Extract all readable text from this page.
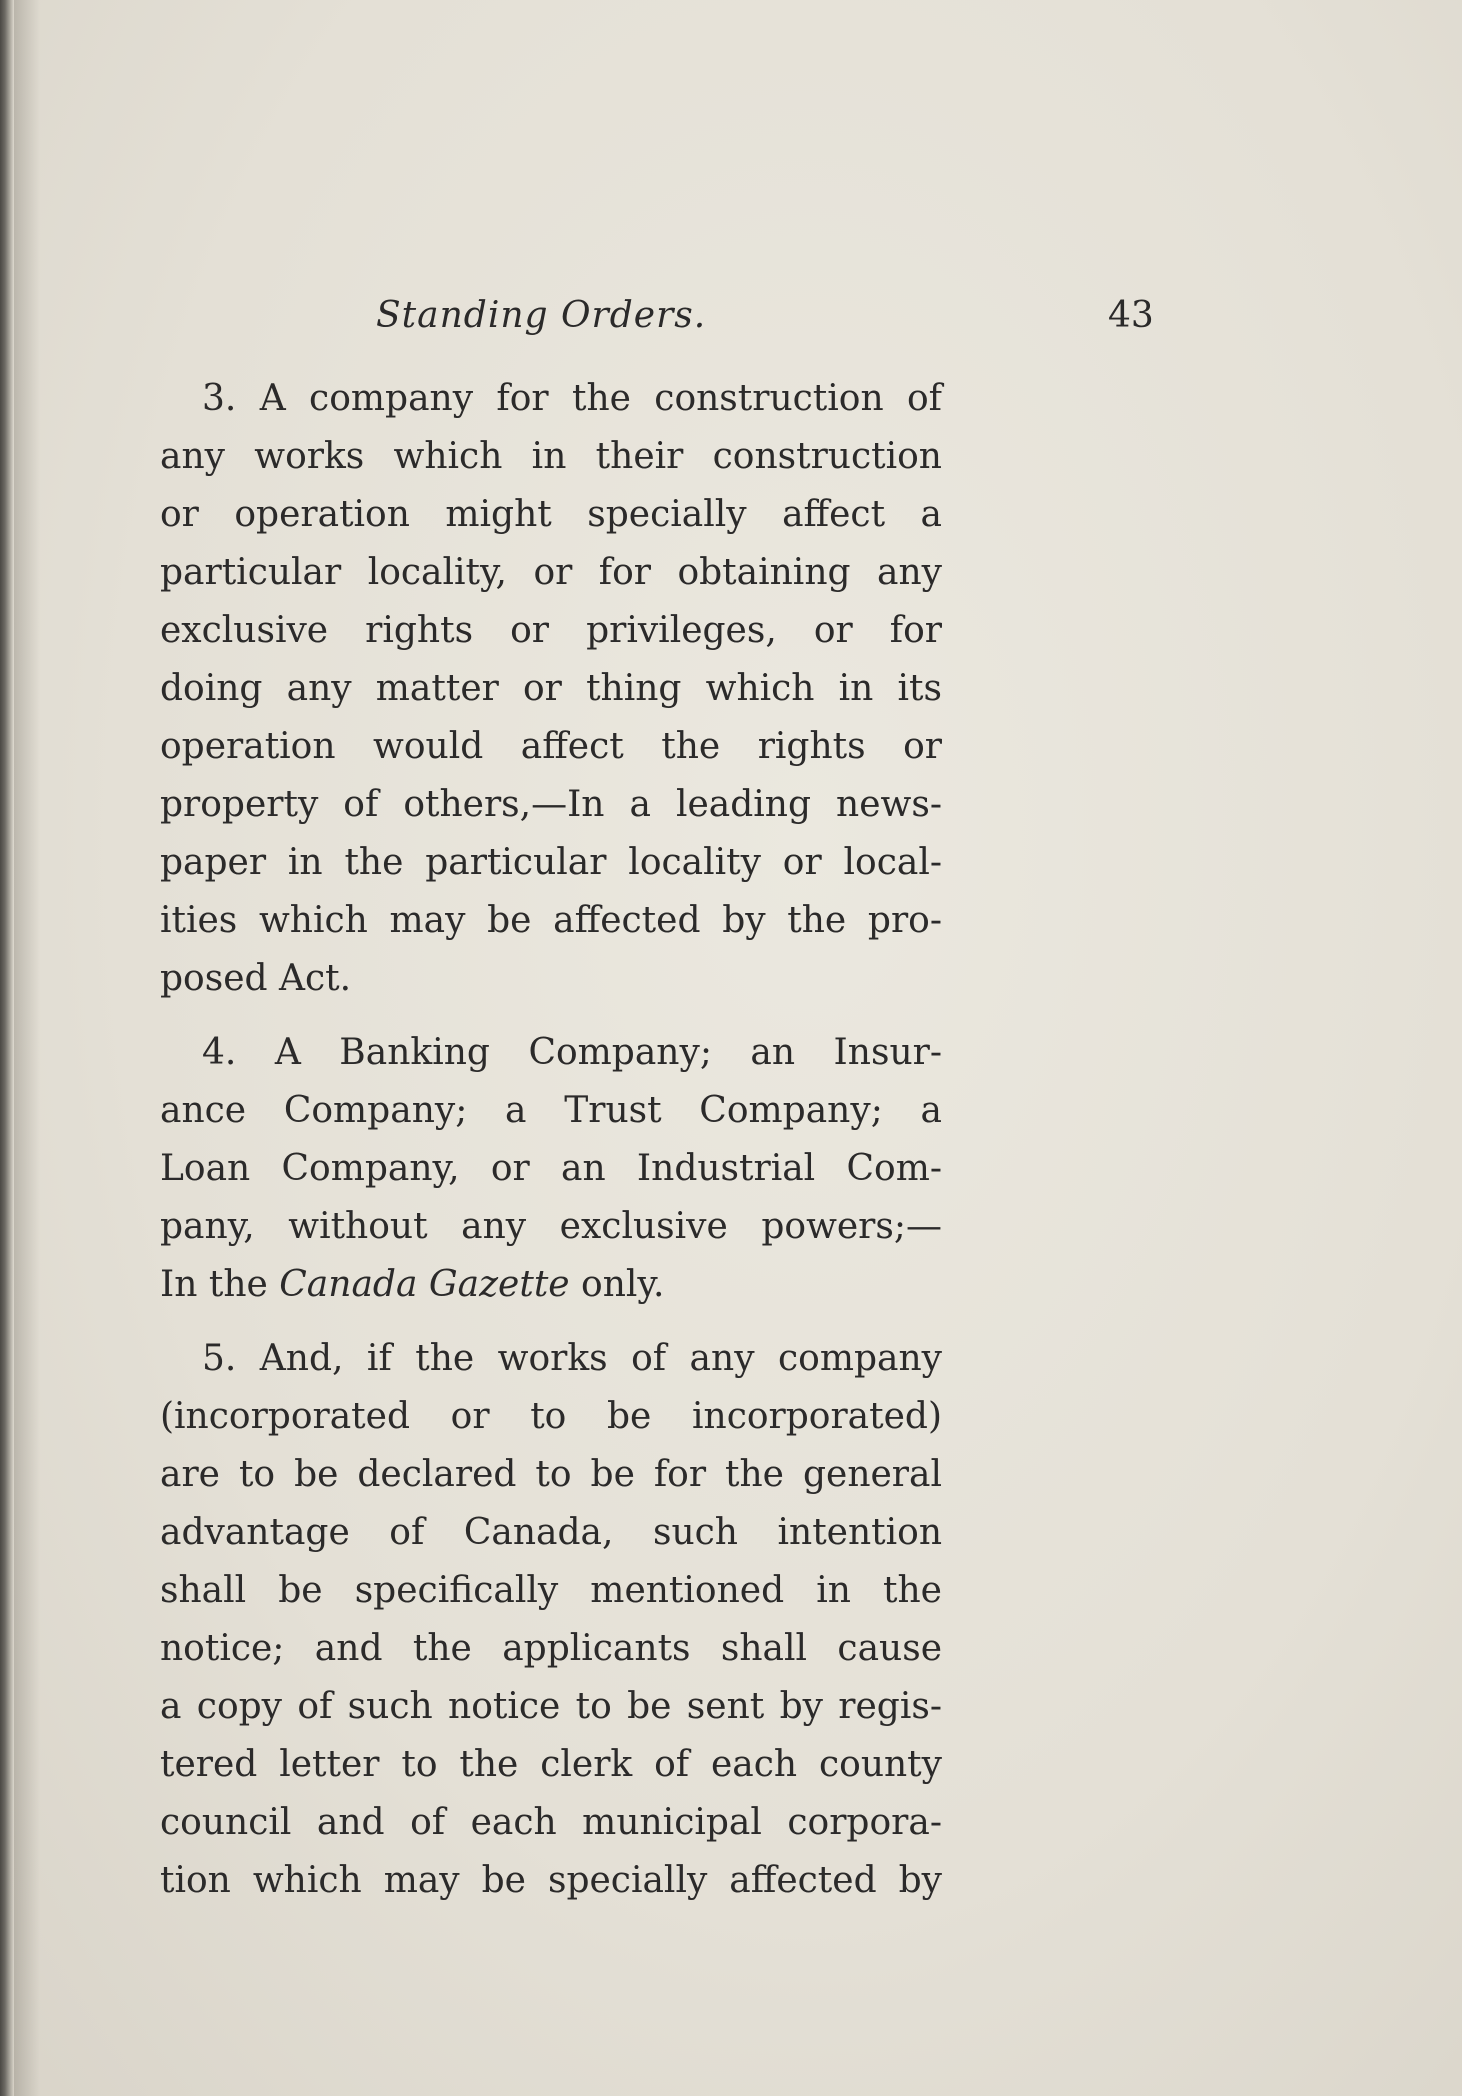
Standing Orders.	43
3. A company for the construction of
any works which in their construction
or operation might specially affect a
particular locality, or for obtaining any
exclusive rights or privileges, or for
doing any matter or thing which in its
operation would affect the rights or
property of others,—In a leading news-
paper in the particular locality or local-
ities which may be affected by the pro-
posed Act.
4. A Banking Company; an Insur-
ance Company; a Trust Company; a
Loan Company, or an Industrial Com-
pany, without any exclusive powers;—
In the Canada Gazette only.
5. And, if the works of any company
(incorporated or to be incorporated)
are to be declared to be for the general
advantage of Canada, such intention
shall be specifically mentioned in the
notice; and the applicants shall cause
a copy of such notice to be sent by regis-
tered letter to the clerk of each county
council and of each municipal corpora-
tion which may be specially affected by
